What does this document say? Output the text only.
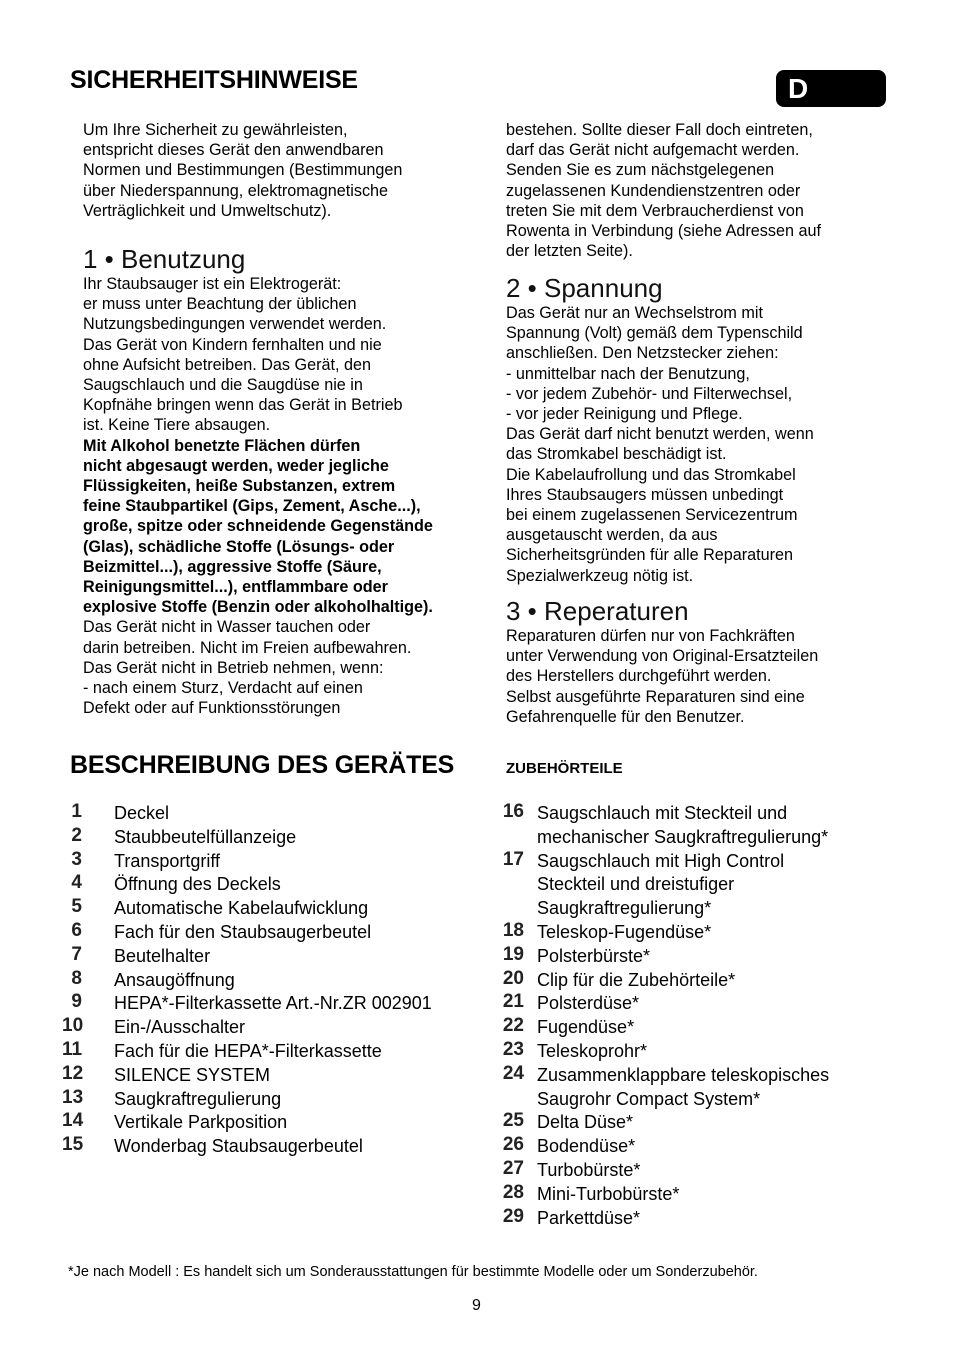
SICHERHEITSHINWEISE	D

Um Ihre Sicherheit zu gewährleisten,

entspricht dieses Gerät den anwendbaren

Normen und Bestimmungen (Bestimmungen

über Niederspannung, elektromagnetische

Verträglichkeit und Umweltschutz).

1 • Benutzung

Ihr Staubsauger ist ein Elektrogerät:

er muss unter Beachtung der üblichen

Nutzungsbedingungen verwendet werden.

Das Gerät von Kindern fernhalten und nie

ohne Aufsicht betreiben. Das Gerät, den

Saugschlauch und die Saugdüse nie in

Kopfnähe bringen wenn das Gerät in Betrieb

ist. Keine Tiere absaugen.

Mit Alkohol benetzte Flächen dürfen

nicht abgesaugt werden, weder jegliche

Flüssigkeiten, heiße Substanzen, extrem

feine Staubpartikel (Gips, Zement, Asche...),

große, spitze oder schneidende Gegenstände

(Glas), schädliche Stoffe (Lösungs- oder

Beizmittel...), aggressive Stoffe (Säure,

Reinigungsmittel...), entflammbare oder

explosive Stoffe (Benzin oder alkoholhaltige).

Das Gerät nicht in Wasser tauchen oder

darin betreiben. Nicht im Freien aufbewahren.

Das Gerät nicht in Betrieb nehmen, wenn:

- nach einem Sturz, Verdacht auf einen

Defekt oder auf Funktionsstörungen

bestehen. Sollte dieser Fall doch eintreten,

darf das Gerät nicht aufgemacht werden.

Senden Sie es zum nächstgelegenen

zugelassenen Kundendienstzentren oder

treten Sie mit dem Verbraucherdienst von

Rowenta in Verbindung (siehe Adressen auf

der letzten Seite).

2 • Spannung

Das Gerät nur an Wechselstrom mit

Spannung (Volt) gemäß dem Typenschild

anschließen. Den Netzstecker ziehen:

- unmittelbar nach der Benutzung,

- vor jedem Zubehör- und Filterwechsel,

- vor jeder Reinigung und Pflege.

Das Gerät darf nicht benutzt werden, wenn

das Stromkabel beschädigt ist.

Die Kabelaufrollung und das Stromkabel

Ihres Staubsaugers müssen unbedingt

bei einem zugelassenen Servicezentrum

ausgetauscht werden, da aus

Sicherheitsgründen für alle Reparaturen

Spezialwerkzeug nötig ist.

3 • Reperaturen

Reparaturen dürfen nur von Fachkräften

unter Verwendung von Original-Ersatzteilen

des Herstellers durchgeführt werden.

Selbst ausgeführte Reparaturen sind eine

Gefahrenquelle für den Benutzer.

BESCHREIBUNG DES GERÄTES	ZUBEHÖRTEILE
1 Deckel
2 Staubbeutelfüllanzeige
3 Transportgriff
4 Öffnung des Deckels
5 Automatische Kabelaufwicklung
6 Fach für den Staubsaugerbeutel
7 Beutelhalter
8 Ansaugöffnung
9 HEPA*-Filterkassette Art.-Nr.ZR 002901
10 Ein-/Ausschalter
11 Fach für die HEPA*-Filterkassette
12 SILENCE SYSTEM
13 Saugkraftregulierung
14 Vertikale Parkposition
15 Wonderbag Staubsaugerbeutel
16 Saugschlauch mit Steckteil und
mechanischer Saugkraftregulierung*
17 Saugschlauch mit High Control
Steckteil und dreistufiger
Saugkraftregulierung*
18 Teleskop-Fugendüse*
19 Polsterbürste*
20 Clip für die Zubehörteile*
21 Polsterdüse*
22 Fugendüse*
23 Teleskoprohr*
24 Zusammenklappbare teleskopisches
Saugrohr Compact System*
25 Delta Düse*
26 Bodendüse*
27 Turbobürste*
28 Mini-Turbobürste*
29 Parkettdüse*
*Je nach Modell : Es handelt sich um Sonderausstattungen für bestimmte Modelle oder um Sonderzubehör.
9
